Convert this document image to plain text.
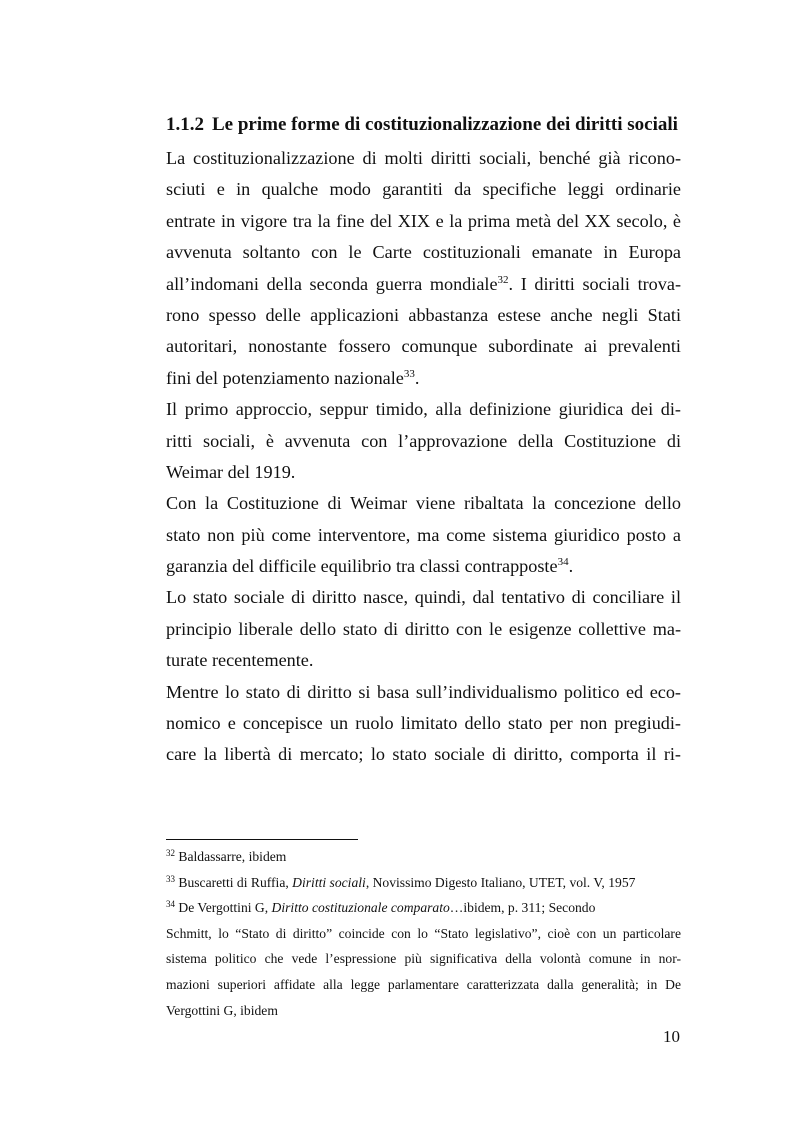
1.1.2 Le prime forme di costituzionalizzazione dei diritti sociali
La costituzionalizzazione di molti diritti sociali, benché già ricono-
sciuti e in qualche modo garantiti da specifiche leggi ordinarie
entrate in vigore tra la fine del XIX e la prima metà del XX secolo, è
avvenuta soltanto con le Carte costituzionali emanate in Europa
all’indomani della seconda guerra mondiale$^{32}$. I diritti sociali trova-
rono spesso delle applicazioni abbastanza estese anche negli Stati
autoritari, nonostante fossero comunque subordinate ai prevalenti
fini del potenziamento nazionale$^{33}$.
Il primo approccio, seppur timido, alla definizione giuridica dei di-
ritti sociali, è avvenuta con l’approvazione della Costituzione di
Weimar del 1919.
Con la Costituzione di Weimar viene ribaltata la concezione dello
stato non più come interventore, ma come sistema giuridico posto a
garanzia del difficile equilibrio tra classi contrapposte$^{34}$.
Lo stato sociale di diritto nasce, quindi, dal tentativo di conciliare il
principio liberale dello stato di diritto con le esigenze collettive ma-
turate recentemente.
Mentre lo stato di diritto si basa sull’individualismo politico ed eco-
nomico e concepisce un ruolo limitato dello stato per non pregiudi-
care la libertà di mercato; lo stato sociale di diritto, comporta il ri-
$^{32}$ Baldassarre, ibidem
$^{33}$ Buscaretti di Ruffia, Diritti sociali, Novissimo Digesto Italiano, UTET, vol. V, 1957
$^{34}$ De Vergottini G, Diritto costituzionale comparato…ibidem, p. 311; Secondo
Schmitt, lo “Stato di diritto” coincide con lo “Stato legislativo”, cioè con un particolare
sistema politico che vede l’espressione più significativa della volontà comune in nor-
mazioni superiori affidate alla legge parlamentare caratterizzata dalla generalità; in De
Vergottini G, ibidem
10
